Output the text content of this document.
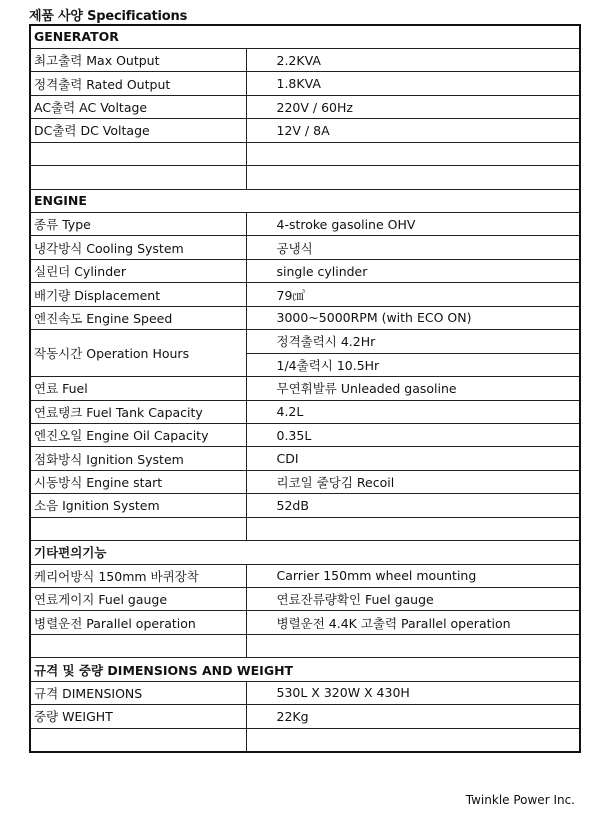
제품 사양 Specifications
GENERATOR	
최고출력 Max Output	2.2KVA
정격출력 Rated Output	1.8KVA
AC출력 AC Voltage	220V / 60Hz
DC출력 DC Voltage	12V / 8A

ENGINE	
종류 Type	4-stroke gasoline OHV
냉각방식 Cooling System	공냉식
실린더 Cylinder	single cylinder
배기량 Displacement	79㎤
엔진속도 Engine Speed	3000~5000RPM (with ECO ON)
작동시간 Operation Hours	정격출력시 4.2Hr
	1/4출력시 10.5Hr
연료 Fuel	무연휘발류 Unleaded gasoline
연료탱크 Fuel Tank Capacity	4.2L
엔진오일 Engine Oil Capacity	0.35L
점화방식 Ignition System	CDI
시동방식 Engine start	리코일 줄당김 Recoil
소음 Ignition System	52dB

기타편의기능	
케리어방식 150mm 바퀴장착	Carrier 150mm wheel mounting
연료게이지 Fuel gauge	연료잔류량확인 Fuel gauge
병렬운전 Parallel operation	병렬운전 4.4K 고출력 Parallel operation

규격 및 중량 DIMENSIONS AND WEIGHT	
규격 DIMENSIONS	530L X 320W X 430H
중량 WEIGHT	22Kg

Twinkle Power Inc.
